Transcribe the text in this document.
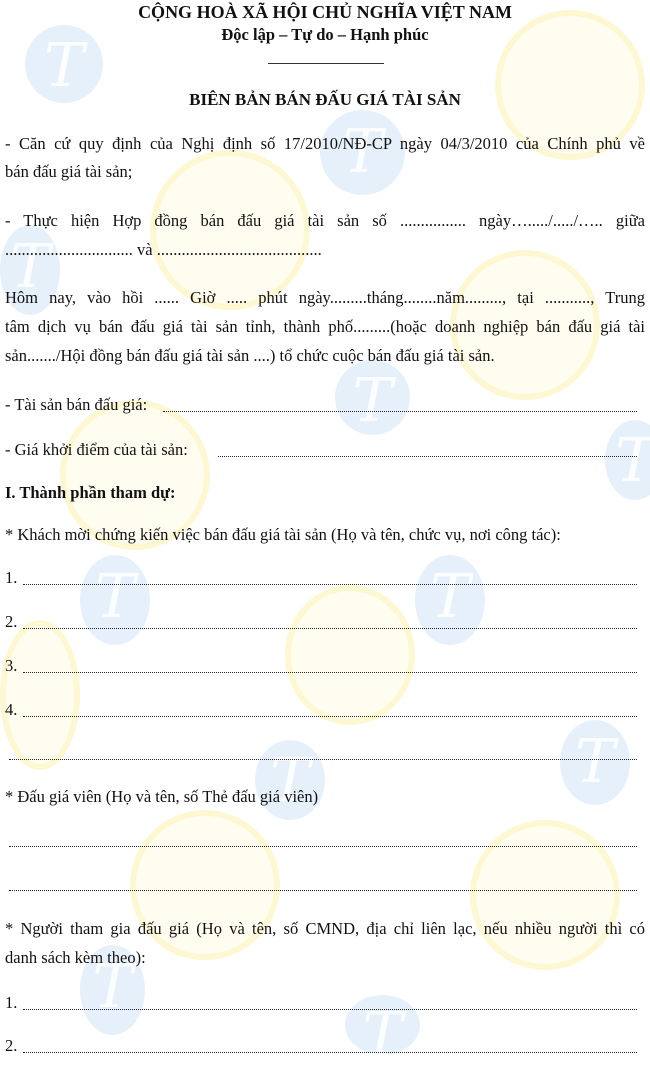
T
T
T
T
T
T
T
T
T
T
T
CỘNG HOÀ XÃ HỘI CHỦ NGHĨA VIỆT NAM
Độc lập – Tự do – Hạnh phúc
BIÊN BẢN BÁN ĐẤU GIÁ TÀI SẢN
- Căn cứ quy định của Nghị định số 17/2010/NĐ-CP ngày 04/3/2010 của Chính phủ về
bán đấu giá tài sản;
- Thực hiện Hợp đồng bán đấu giá tài sản số ................ ngày…...../...../….. giữa
............................... và ........................................
Hôm nay, vào hồi ...... Giờ ..... phút ngày.........tháng........năm........., tại ..........., Trung
tâm dịch vụ bán đấu giá tài sản tỉnh, thành phố.........(hoặc doanh nghiệp bán đấu giá tài
sản......./Hội đồng bán đấu giá tài sản ....) tổ chức cuộc bán đấu giá tài sản.
- Tài sản bán đấu giá:
- Giá khởi điểm của tài sản:
I. Thành phần tham dự:
* Khách mời chứng kiến việc bán đấu giá tài sản (Họ và tên, chức vụ, nơi công tác):
1.
2.
3.
4.
* Đấu giá viên (Họ và tên, số Thẻ đấu giá viên)
* Người tham gia đấu giá (Họ và tên, số CMND, địa chỉ liên lạc, nếu nhiều người thì có
danh sách kèm theo):
1.
2.
